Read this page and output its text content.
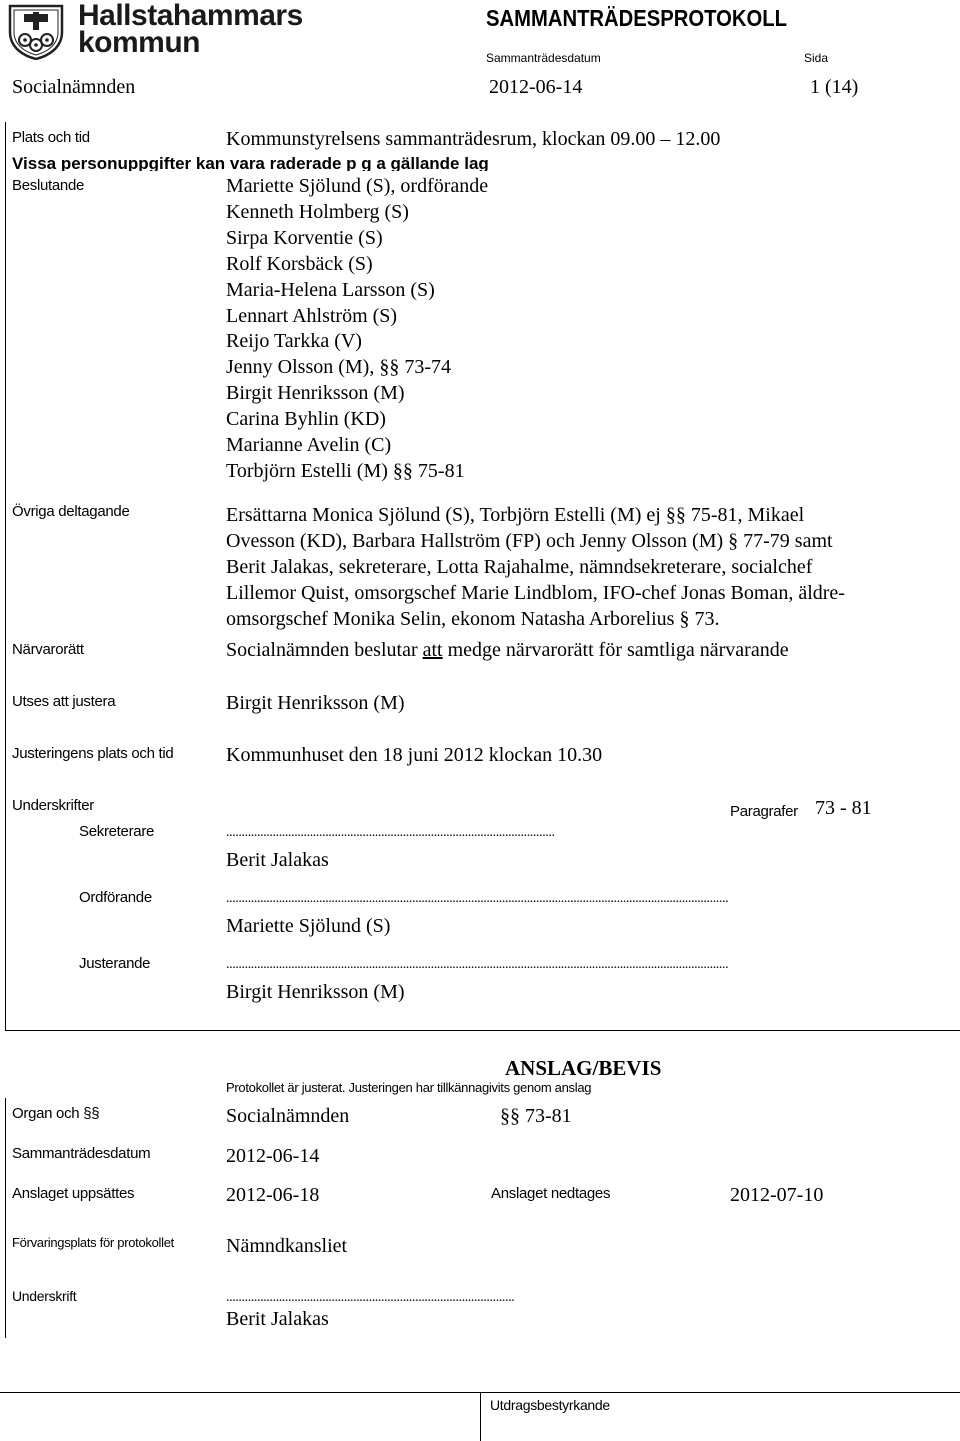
Hallstahammars
kommun
SAMMANTRÄDESPROTOKOLL
Sammanträdesdatum	Sida
Socialnämnden	2012-06-14	1 (14)
Plats och tid	Kommunstyrelsens sammanträdesrum, klockan 09.00 – 12.00
Vissa personuppgifter kan vara raderade p g a gällande lag
Beslutande	Mariette Sjölund (S), ordförande
Kenneth Holmberg (S)
Sirpa Korventie (S)
Rolf Korsbäck (S)
Maria-Helena Larsson (S)
Lennart Ahlström (S)
Reijo Tarkka (V)
Jenny Olsson (M), §§ 73-74
Birgit Henriksson (M)
Carina Byhlin (KD)
Marianne Avelin (C)
Torbjörn Estelli (M) §§ 75-81
Övriga deltagande	Ersättarna Monica Sjölund (S), Torbjörn Estelli (M) ej §§ 75-81, Mikael
Ovesson (KD), Barbara Hallström (FP) och Jenny Olsson (M) § 77-79 samt
Berit Jalakas, sekreterare, Lotta Rajahalme, nämndsekreterare, socialchef
Lillemor Quist, omsorgschef Marie Lindblom, IFO-chef Jonas Boman, äldre-
omsorgschef Monika Selin, ekonom Natasha Arborelius § 73.
Närvarorätt	Socialnämnden beslutar att medge närvarorätt för samtliga närvarande
Utses att justera	Birgit Henriksson (M)
Justeringens plats och tid	Kommunhuset den 18 juni 2012 klockan 10.30
Underskrifter	Paragrafer 73 - 81
Sekreterare	..........................................................................................................
Berit Jalakas
Ordförande	..................................................................................................................................................................
Mariette Sjölund (S)
Justerande	..................................................................................................................................................................
Birgit Henriksson (M)
ANSLAG/BEVIS
Protokollet är justerat. Justeringen har tillkännagivits genom anslag
Organ och §§	Socialnämnden	§§ 73-81
Sammanträdesdatum	2012-06-14
Anslaget uppsättes	2012-06-18	Anslaget nedtages	2012-07-10
Förvaringsplats för protokollet	Nämndkansliet
Underskrift	.............................................................................................
Berit Jalakas
Utdragsbestyrkande
